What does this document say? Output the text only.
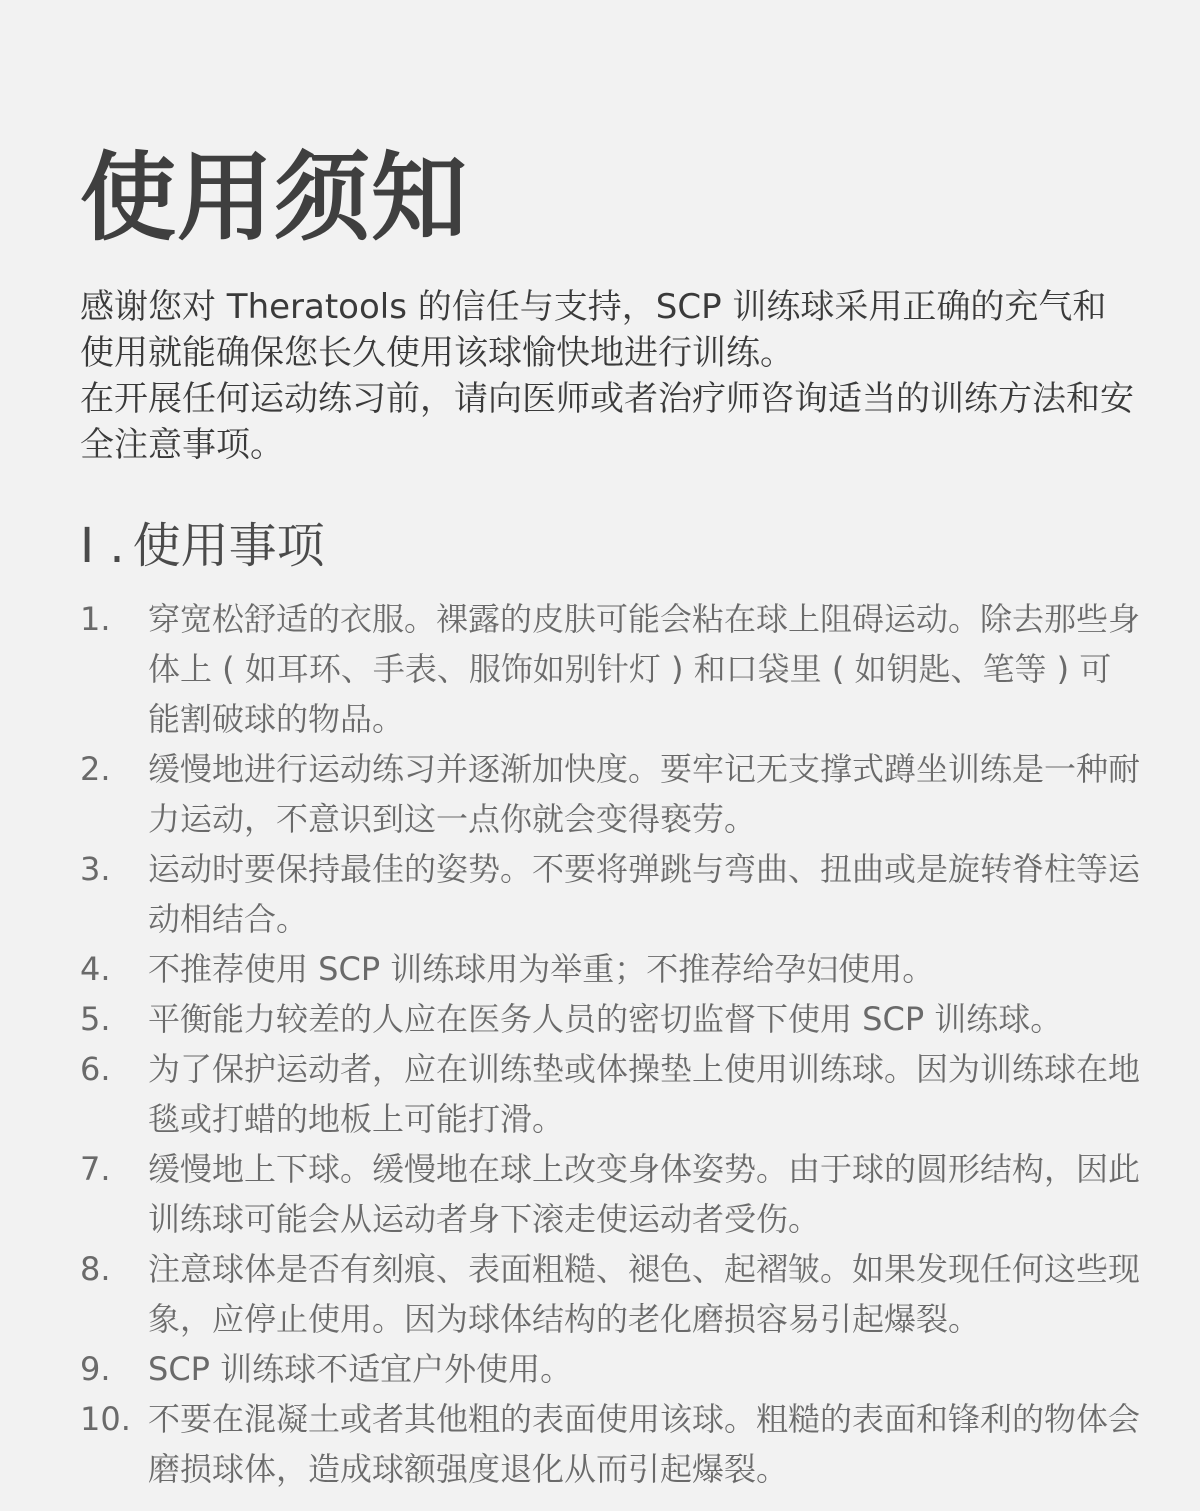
使用须知

感谢您对 Theratools 的信任与支持，SCP 训练球采用正确的充气和使用就能确保您长久使用该球愉快地进行训练。

在开展任何运动练习前，请向医师或者治疗师咨询适当的训练方法和安全注意事项。

I . 使用事项
1.	穿宽松舒适的衣服。裸露的皮肤可能会粘在球上阻碍运动。除去那些身体上 ( 如耳环、手表、服饰如别针灯 ) 和口袋里 ( 如钥匙、笔等 ) 可能割破球的物品。
2.	缓慢地进行运动练习并逐渐加快度。要牢记无支撑式蹲坐训练是一种耐力运动，不意识到这一点你就会变得亵劳。
3.	运动时要保持最佳的姿势。不要将弹跳与弯曲、扭曲或是旋转脊柱等运动相结合。
4.	不推荐使用 SCP 训练球用为举重；不推荐给孕妇使用。
5.	平衡能力较差的人应在医务人员的密切监督下使用 SCP 训练球。
6.	为了保护运动者，应在训练垫或体操垫上使用训练球。因为训练球在地毯或打蜡的地板上可能打滑。
7.	缓慢地上下球。缓慢地在球上改变身体姿势。由于球的圆形结构，因此训练球可能会从运动者身下滚走使运动者受伤。
8.	注意球体是否有刻痕、表面粗糙、褪色、起褶皱。如果发现任何这些现象，应停止使用。因为球体结构的老化磨损容易引起爆裂。
9.	SCP 训练球不适宜户外使用。
10. 不要在混凝土或者其他粗的表面使用该球。粗糙的表面和锋利的物体会磨损球体，造成球额强度退化从而引起爆裂。
